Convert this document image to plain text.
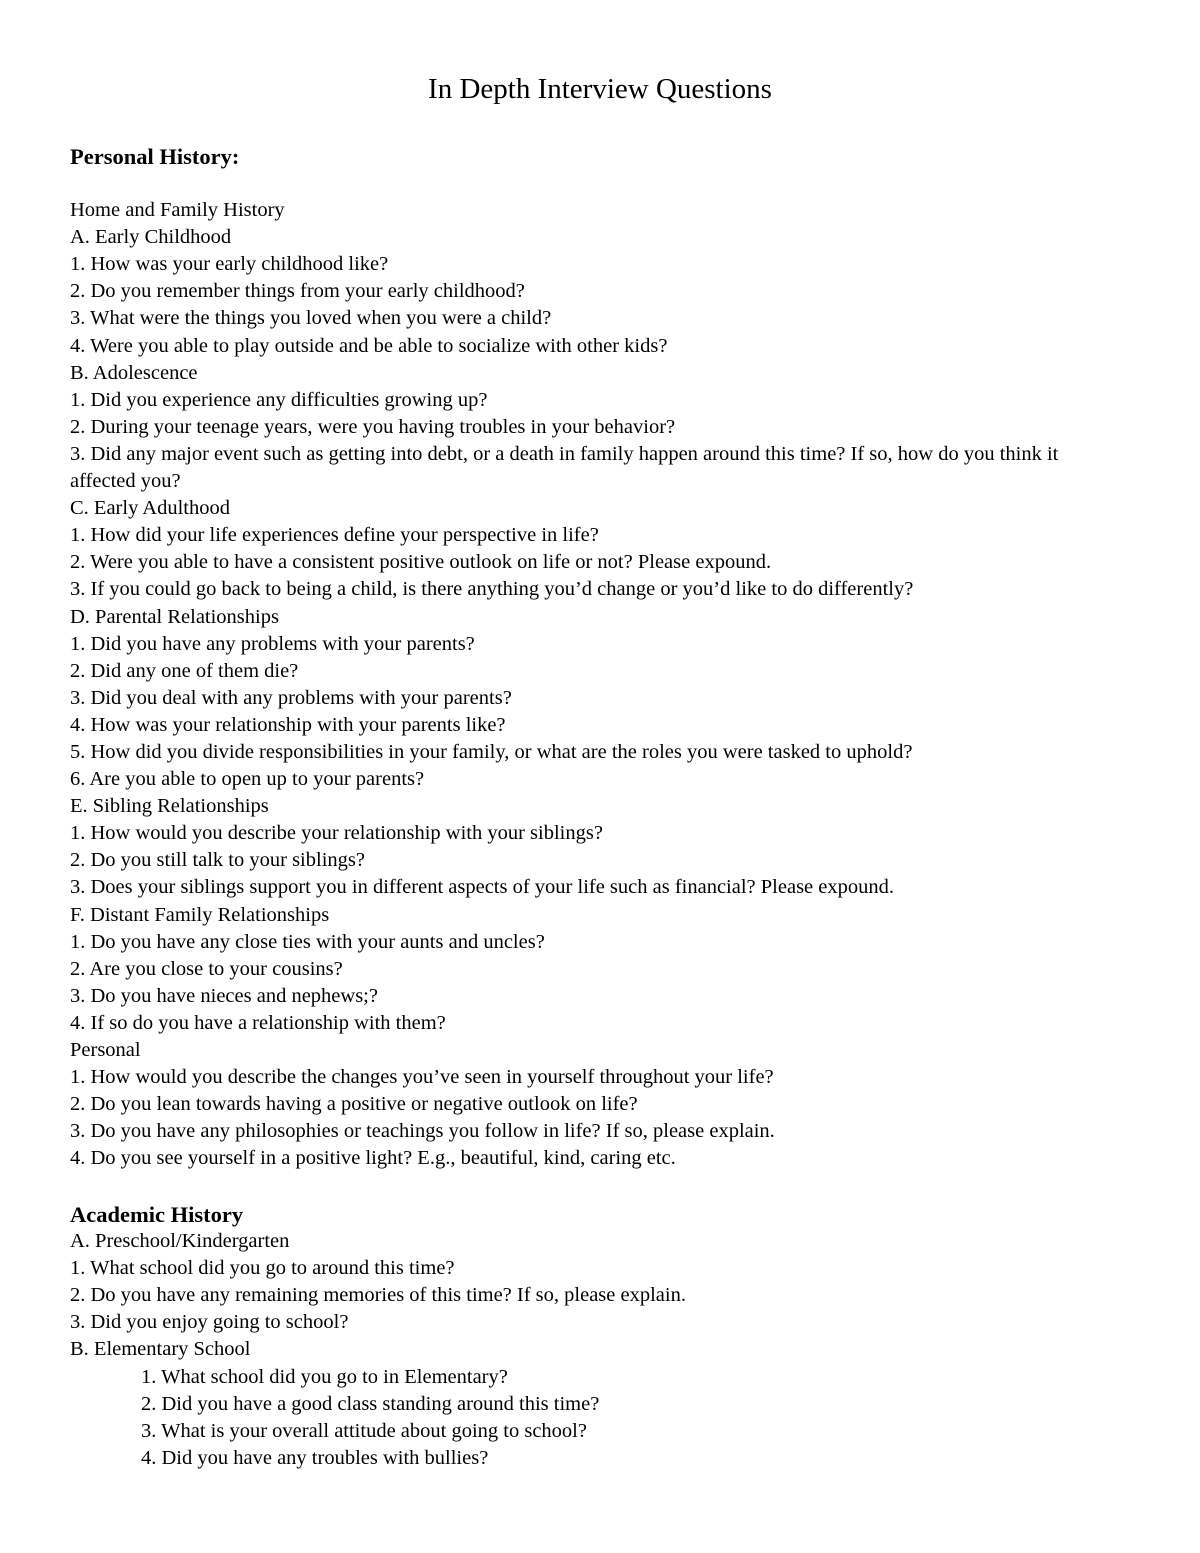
In Depth Interview Questions

Personal History:

Home and Family History

A. Early Childhood

1. How was your early childhood like?

2. Do you remember things from your early childhood?

3. What were the things you loved when you were a child?

4. Were you able to play outside and be able to socialize with other kids?

B. Adolescence

1. Did you experience any difficulties growing up?

2. During your teenage years, were you having troubles in your behavior?

3. Did any major event such as getting into debt, or a death in family happen around this time? If so, how do you think it affected you?

C. Early Adulthood

1. How did your life experiences define your perspective in life?

2. Were you able to have a consistent positive outlook on life or not? Please expound.

3. If you could go back to being a child, is there anything you’d change or you’d like to do differently?

D. Parental Relationships

1. Did you have any problems with your parents?

2. Did any one of them die?

3. Did you deal with any problems with your parents?

4. How was your relationship with your parents like?

5. How did you divide responsibilities in your family, or what are the roles you were tasked to uphold?

6. Are you able to open up to your parents?

E. Sibling Relationships

1. How would you describe your relationship with your siblings?

2. Do you still talk to your siblings?

3. Does your siblings support you in different aspects of your life such as financial? Please expound.

F. Distant Family Relationships

1. Do you have any close ties with your aunts and uncles?

2. Are you close to your cousins?

3. Do you have nieces and nephews;?

4. If so do you have a relationship with them?

Personal

1. How would you describe the changes you’ve seen in yourself throughout your life?

2. Do you lean towards having a positive or negative outlook on life?

3. Do you have any philosophies or teachings you follow in life? If so, please explain.

4. Do you see yourself in a positive light? E.g., beautiful, kind, caring etc.

Academic History

A. Preschool/Kindergarten

1. What school did you go to around this time?

2. Do you have any remaining memories of this time? If so, please explain.

3. Did you enjoy going to school?

B. Elementary School

1. What school did you go to in Elementary?

2. Did you have a good class standing around this time?

3. What is your overall attitude about going to school?

4. Did you have any troubles with bullies?
